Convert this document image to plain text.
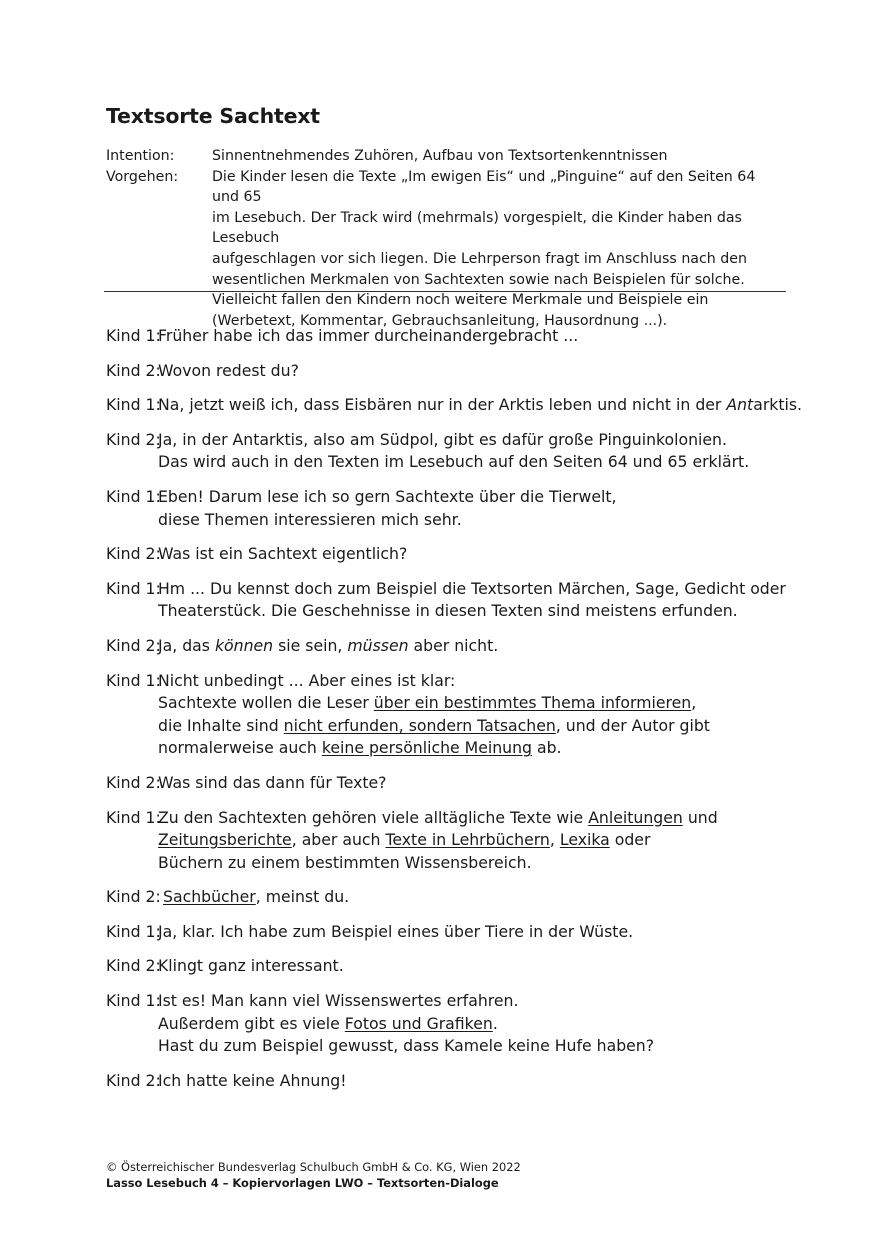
Textsorte Sachtext
Intention:	Sinnentnehmendes Zuhören, Aufbau von Textsortenkenntnissen
Vorgehen:	Die Kinder lesen die Texte „Im ewigen Eis“ und „Pinguine“ auf den Seiten 64 und 65
im Lesebuch. Der Track wird (mehrmals) vorgespielt, die Kinder haben das Lesebuch
aufgeschlagen vor sich liegen. Die Lehrperson fragt im Anschluss nach den
wesentlichen Merkmalen von Sachtexten sowie nach Beispielen für solche.
Vielleicht fallen den Kindern noch weitere Merkmale und Beispiele ein
(Werbetext, Kommentar, Gebrauchsanleitung, Hausordnung ...).
Kind 1:
Früher habe ich das immer durcheinandergebracht ...
Kind 2:
Wovon redest du?
Kind 1:
Na, jetzt weiß ich, dass Eisbären nur in der Arktis leben und nicht in der Antarktis.
Kind 2:
Ja, in der Antarktis, also am Südpol, gibt es dafür große Pinguinkolonien.
Das wird auch in den Texten im Lesebuch auf den Seiten 64 und 65 erklärt.
Kind 1:
Eben! Darum lese ich so gern Sachtexte über die Tierwelt,
diese Themen interessieren mich sehr.
Kind 2:
Was ist ein Sachtext eigentlich?
Kind 1:
Hm ... Du kennst doch zum Beispiel die Textsorten Märchen, Sage, Gedicht oder
Theaterstück. Die Geschehnisse in diesen Texten sind meistens erfunden.
Kind 2:
Ja, das können sie sein, müssen aber nicht.
Kind 1:
Nicht unbedingt ... Aber eines ist klar:
Sachtexte wollen die Leser über ein bestimmtes Thema informieren,
die Inhalte sind nicht erfunden, sondern Tatsachen, und der Autor gibt
normalerweise auch keine persönliche Meinung ab.
Kind 2:
Was sind das dann für Texte?
Kind 1:
Zu den Sachtexten gehören viele alltägliche Texte wie Anleitungen und
Zeitungsberichte, aber auch Texte in Lehrbüchern, Lexika oder
Büchern zu einem bestimmten Wissensbereich.
Kind 2: Sachbücher, meinst du.
Kind 1:
Ja, klar. Ich habe zum Beispiel eines über Tiere in der Wüste.
Kind 2:
Klingt ganz interessant.
Kind 1:
Ist es! Man kann viel Wissenswertes erfahren.
Außerdem gibt es viele Fotos und Grafiken.
Hast du zum Beispiel gewusst, dass Kamele keine Hufe haben?
Kind 2:
Ich hatte keine Ahnung!
© Österreichischer Bundesverlag Schulbuch GmbH & Co. KG, Wien 2022
Lasso Lesebuch 4 – Kopiervorlagen LWO – Textsorten-Dialoge
